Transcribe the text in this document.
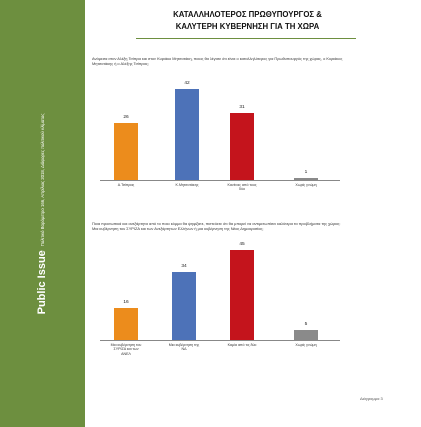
Public Issue
Πολιτικό Βαρόμετρο 166, Απρίλιος 2018, Διάφορες πολιτικού κλίματος
ΚΑΤΑΛΛΗΛΟΤΕΡΟΣ ΠΡΩΘΥΠΟΥΡΓΟΣ &
ΚΑΛΥΤΕΡΗ ΚΥΒΕΡΝΗΣΗ ΓΙΑ ΤΗ ΧΩΡΑ
Ανάμεσα στον Αλέξη Τσίπρα και στον Κυριάκο Μητσοτάκη, ποιος θα λέγατε ότι είναι ο καταλληλότερος για Πρωθυπουργός της χώρας, ο Κυριάκος Μητσοτάκης ή ο Αλέξης Τσίπρας;
26
Α.Τσίπρας
42
Κ.Μητσοτάκης
31
Κανένας από τους δύο
1
Χωρίς γνώμη
Ποια προσωπικά και ανεξάρτητα από το ποιο κόμμα θα ψηφίζατε, πιστεύετε ότι θα μπορεί να αντιμετωπίσει καλύτερα τα προβλήματα της χώρας: Μια κυβέρνηση του ΣΥΡΙΖΑ και των Ανεξάρτητων Ελλήνων ή μια κυβέρνηση της Νέας Δημοκρατίας;
16
Μια κυβέρνηση του ΣΥΡΙΖΑ και των ΑΝΕΛ
34
Μια κυβέρνηση της ΝΔ
45
Καμία από τις δύο
5
Χωρίς γνώμη
Διάγραμμα 3
